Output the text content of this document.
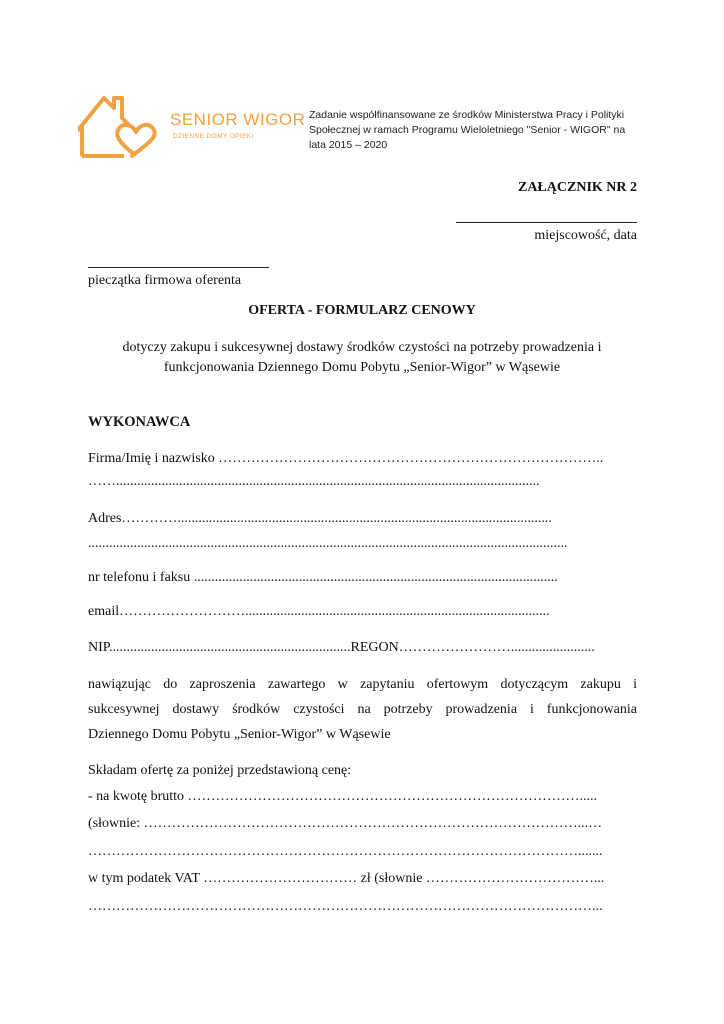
SENIOR WIGOR
DZIENNE DOMY OPIEKI
Zadanie współfinansowane ze środków Ministerstwa Pracy i Polityki
Społecznej w ramach Programu Wieloletniego "Senior - WIGOR" na
lata 2015 – 2020
ZAŁĄCZNIK NR 2
miejscowość, data
pieczątka firmowa oferenta
OFERTA - FORMULARZ CENOWY
dotyczy zakupu i sukcesywnej dostawy środków czystości na potrzeby prowadzenia i
funkcjonowania Dziennego Domu Pobytu „Senior-Wigor” w Wąsewie
WYKONAWCA
Firma/Imię i nazwisko ………………………………………………………………………..
…….........................................................................................................................
Adres…………...........................................................................................................
.........................................................................................................................................
nr telefonu i faksu ........................................................................................................
email……………………….......................................................................................
NIP.....................................................................REGON……………………........................
nawiązując do zaproszenia zawartego w zapytaniu ofertowym dotyczącym zakupu i
sukcesywnej dostawy środków czystości na potrzeby prowadzenia i funkcjonowania
Dziennego Domu Pobytu „Senior-Wigor” w Wąsewie
Składam ofertę za poniżej przedstawioną cenę:
- na kwotę brutto ………………………………………………………………………….....
(słownie: …………………………………………………………………………………...…
…………………………………………………………………………………………….......
w tym podatek VAT …………………………… zł (słownie ………………………………...
………………………………………………………………………………………………...
